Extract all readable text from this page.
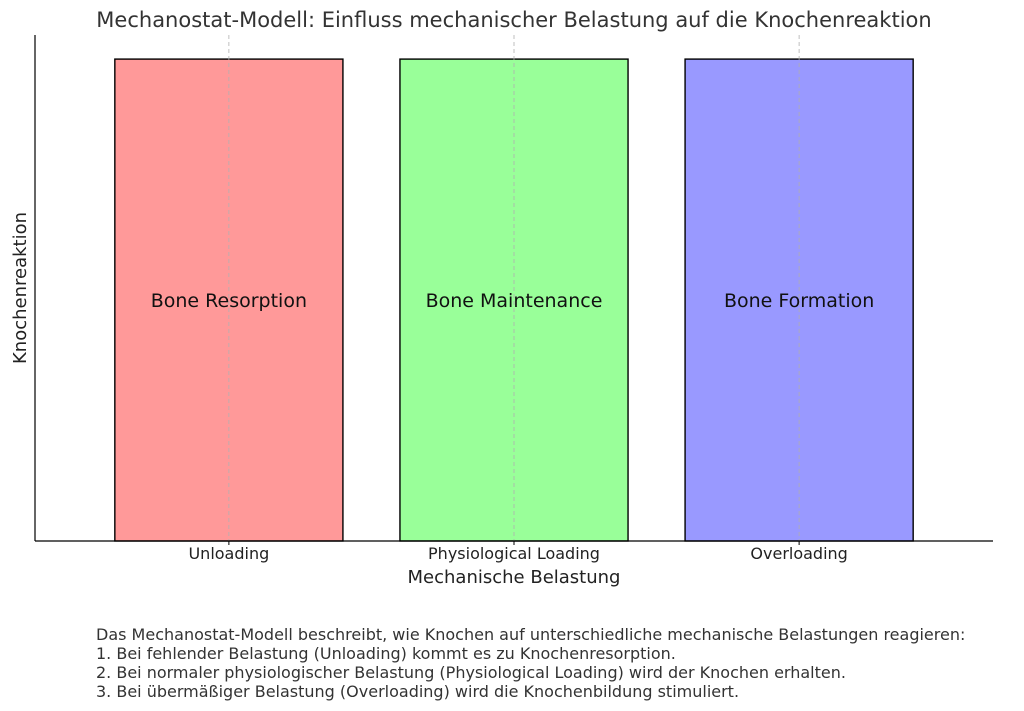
Mechanostat-Modell: Einfluss mechanischer Belastung auf die Knochenreaktion
Unloading	Physiological Loading	Overloading
Bone Resorption	Bone Maintenance	Bone Formation
Mechanische Belastung
Knochenreaktion
Das Mechanostat-Modell beschreibt, wie Knochen auf unterschiedliche mechanische Belastungen reagieren:
1. Bei fehlender Belastung (Unloading) kommt es zu Knochenresorption.
2. Bei normaler physiologischer Belastung (Physiological Loading) wird der Knochen erhalten.
3. Bei übermäßiger Belastung (Overloading) wird die Knochenbildung stimuliert.
